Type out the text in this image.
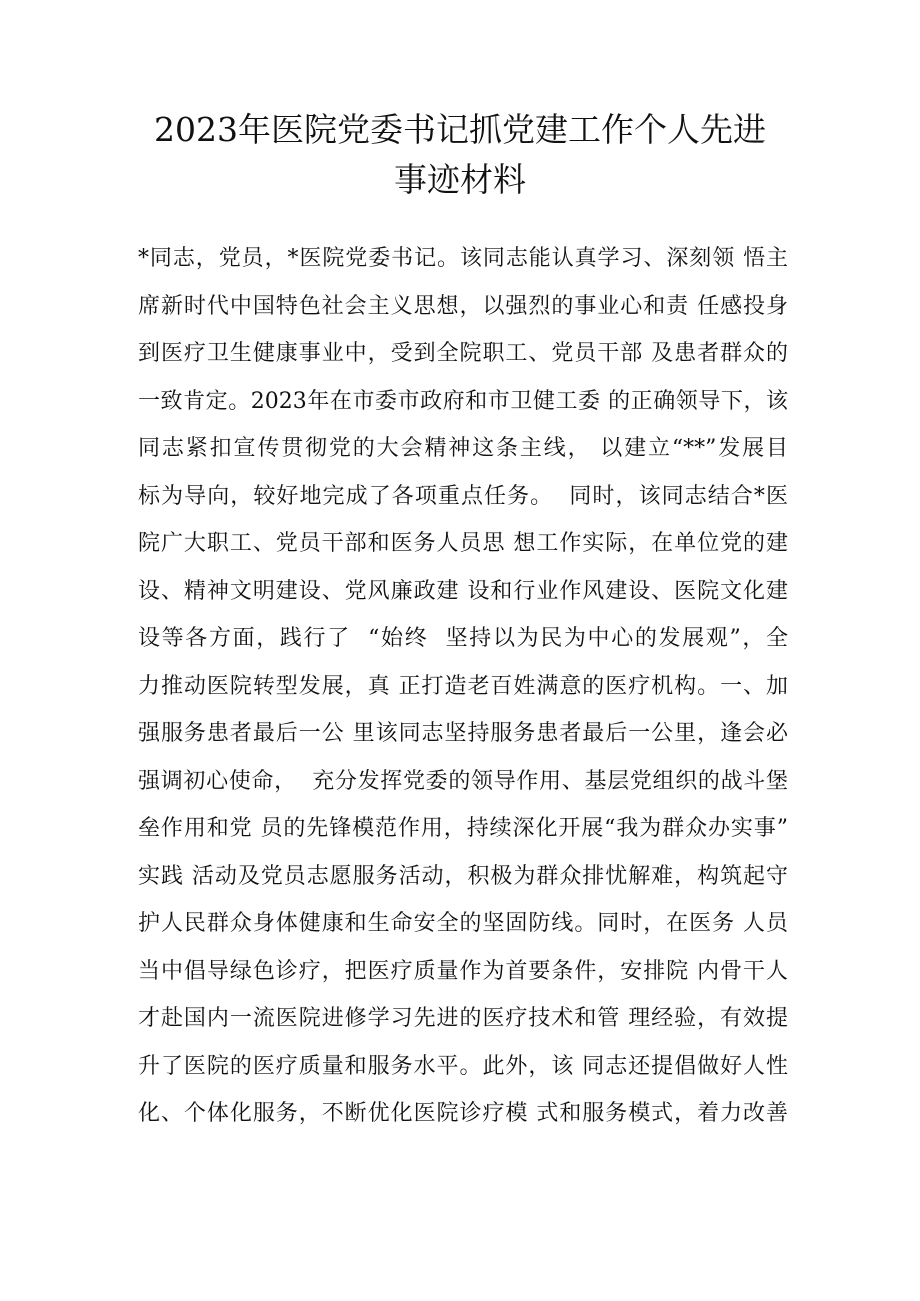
2023年医院党委书记抓党建工作个人先进
事迹材料
*同志，党员，*医院党委书记。该同志能认真学习、深刻领 悟主
席新时代中国特色社会主义思想，以强烈的事业心和责 任感投身
到医疗卫生健康事业中，受到全院职工、党员干部 及患者群众的
一致肯定。2023年在市委市政府和市卫健工委 的正确领导下，该
同志紧扣宣传贯彻党的大会精神这条主线， 以建立“**”发展目
标为导向，较好地完成了各项重点任务。  同时，该同志结合*医
院广大职工、党员干部和医务人员思 想工作实际，在单位党的建
设、精神文明建设、党风廉政建 设和行业作风建设、医院文化建
设等各方面，践行了  “始终  坚持以为民为中心的发展观”，全
力推动医院转型发展，真 正打造老百姓满意的医疗机构。一、加
强服务患者最后一公 里该同志坚持服务患者最后一公里，逢会必
强调初心使命，  充分发挥党委的领导作用、基层党组织的战斗堡
垒作用和党 员的先锋模范作用，持续深化开展“我为群众办实事”
实践 活动及党员志愿服务活动，积极为群众排忧解难，构筑起守
护人民群众身体健康和生命安全的坚固防线。同时，在医务 人员
当中倡导绿色诊疗，把医疗质量作为首要条件，安排院 内骨干人
才赴国内一流医院进修学习先进的医疗技术和管 理经验，有效提
升了医院的医疗质量和服务水平。此外，该 同志还提倡做好人性
化、个体化服务，不断优化医院诊疗模 式和服务模式，着力改善
